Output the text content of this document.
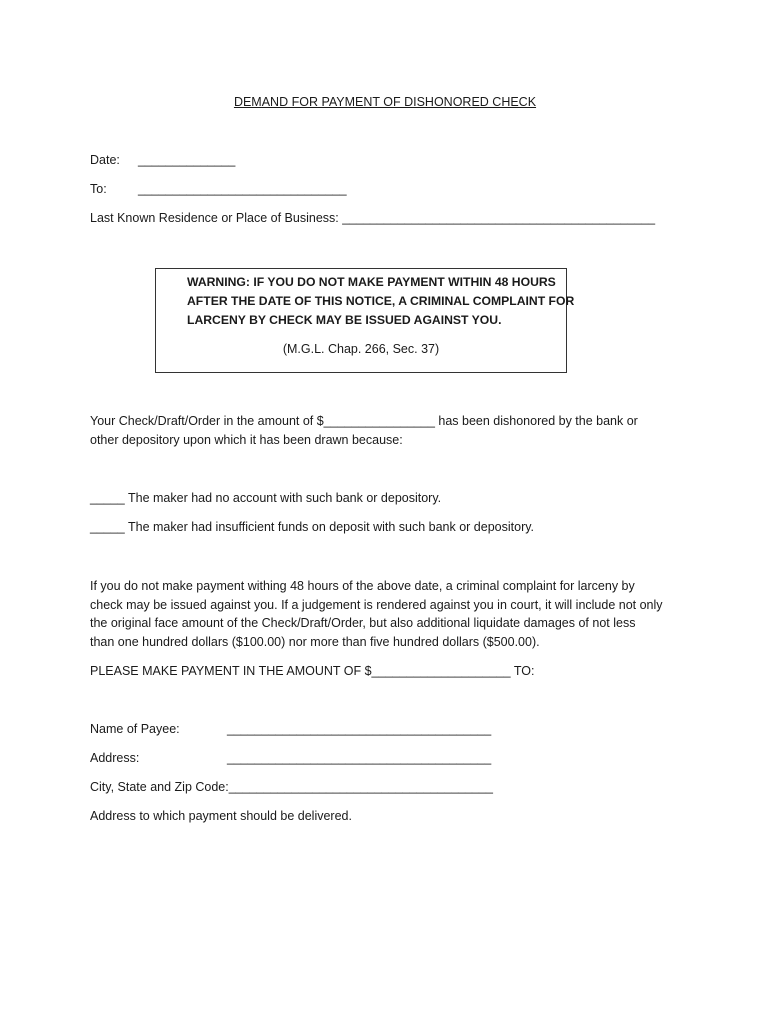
DEMAND FOR PAYMENT OF DISHONORED CHECK
Date: ______________
To:	______________________________
Last Known Residence or Place of Business: _____________________________________________
WARNING: IF YOU DO NOT MAKE PAYMENT WITHIN 48 HOURS
AFTER THE DATE OF THIS NOTICE, A CRIMINAL COMPLAINT FOR
LARCENY BY CHECK MAY BE ISSUED AGAINST YOU.
(M.G.L. Chap. 266, Sec. 37)
Your Check/Draft/Order in the amount of $________________ has been dishonored by the bank or
other depository upon which it has been drawn because:
_____ The maker had no account with such bank or depository.
_____ The maker had insufficient funds on deposit with such bank or depository.
If you do not make payment withing 48 hours of the above date, a criminal complaint for larceny by
check may be issued against you. If a judgement is rendered against you in court, it will include not only
the original face amount of the Check/Draft/Order, but also additional liquidate damages of not less
than one hundred dollars ($100.00) nor more than five hundred dollars ($500.00).
PLEASE MAKE PAYMENT IN THE AMOUNT OF $____________________ TO:
Name of Payee:	______________________________________
Address:	______________________________________
City, State and Zip Code:______________________________________
Address to which payment should be delivered.
